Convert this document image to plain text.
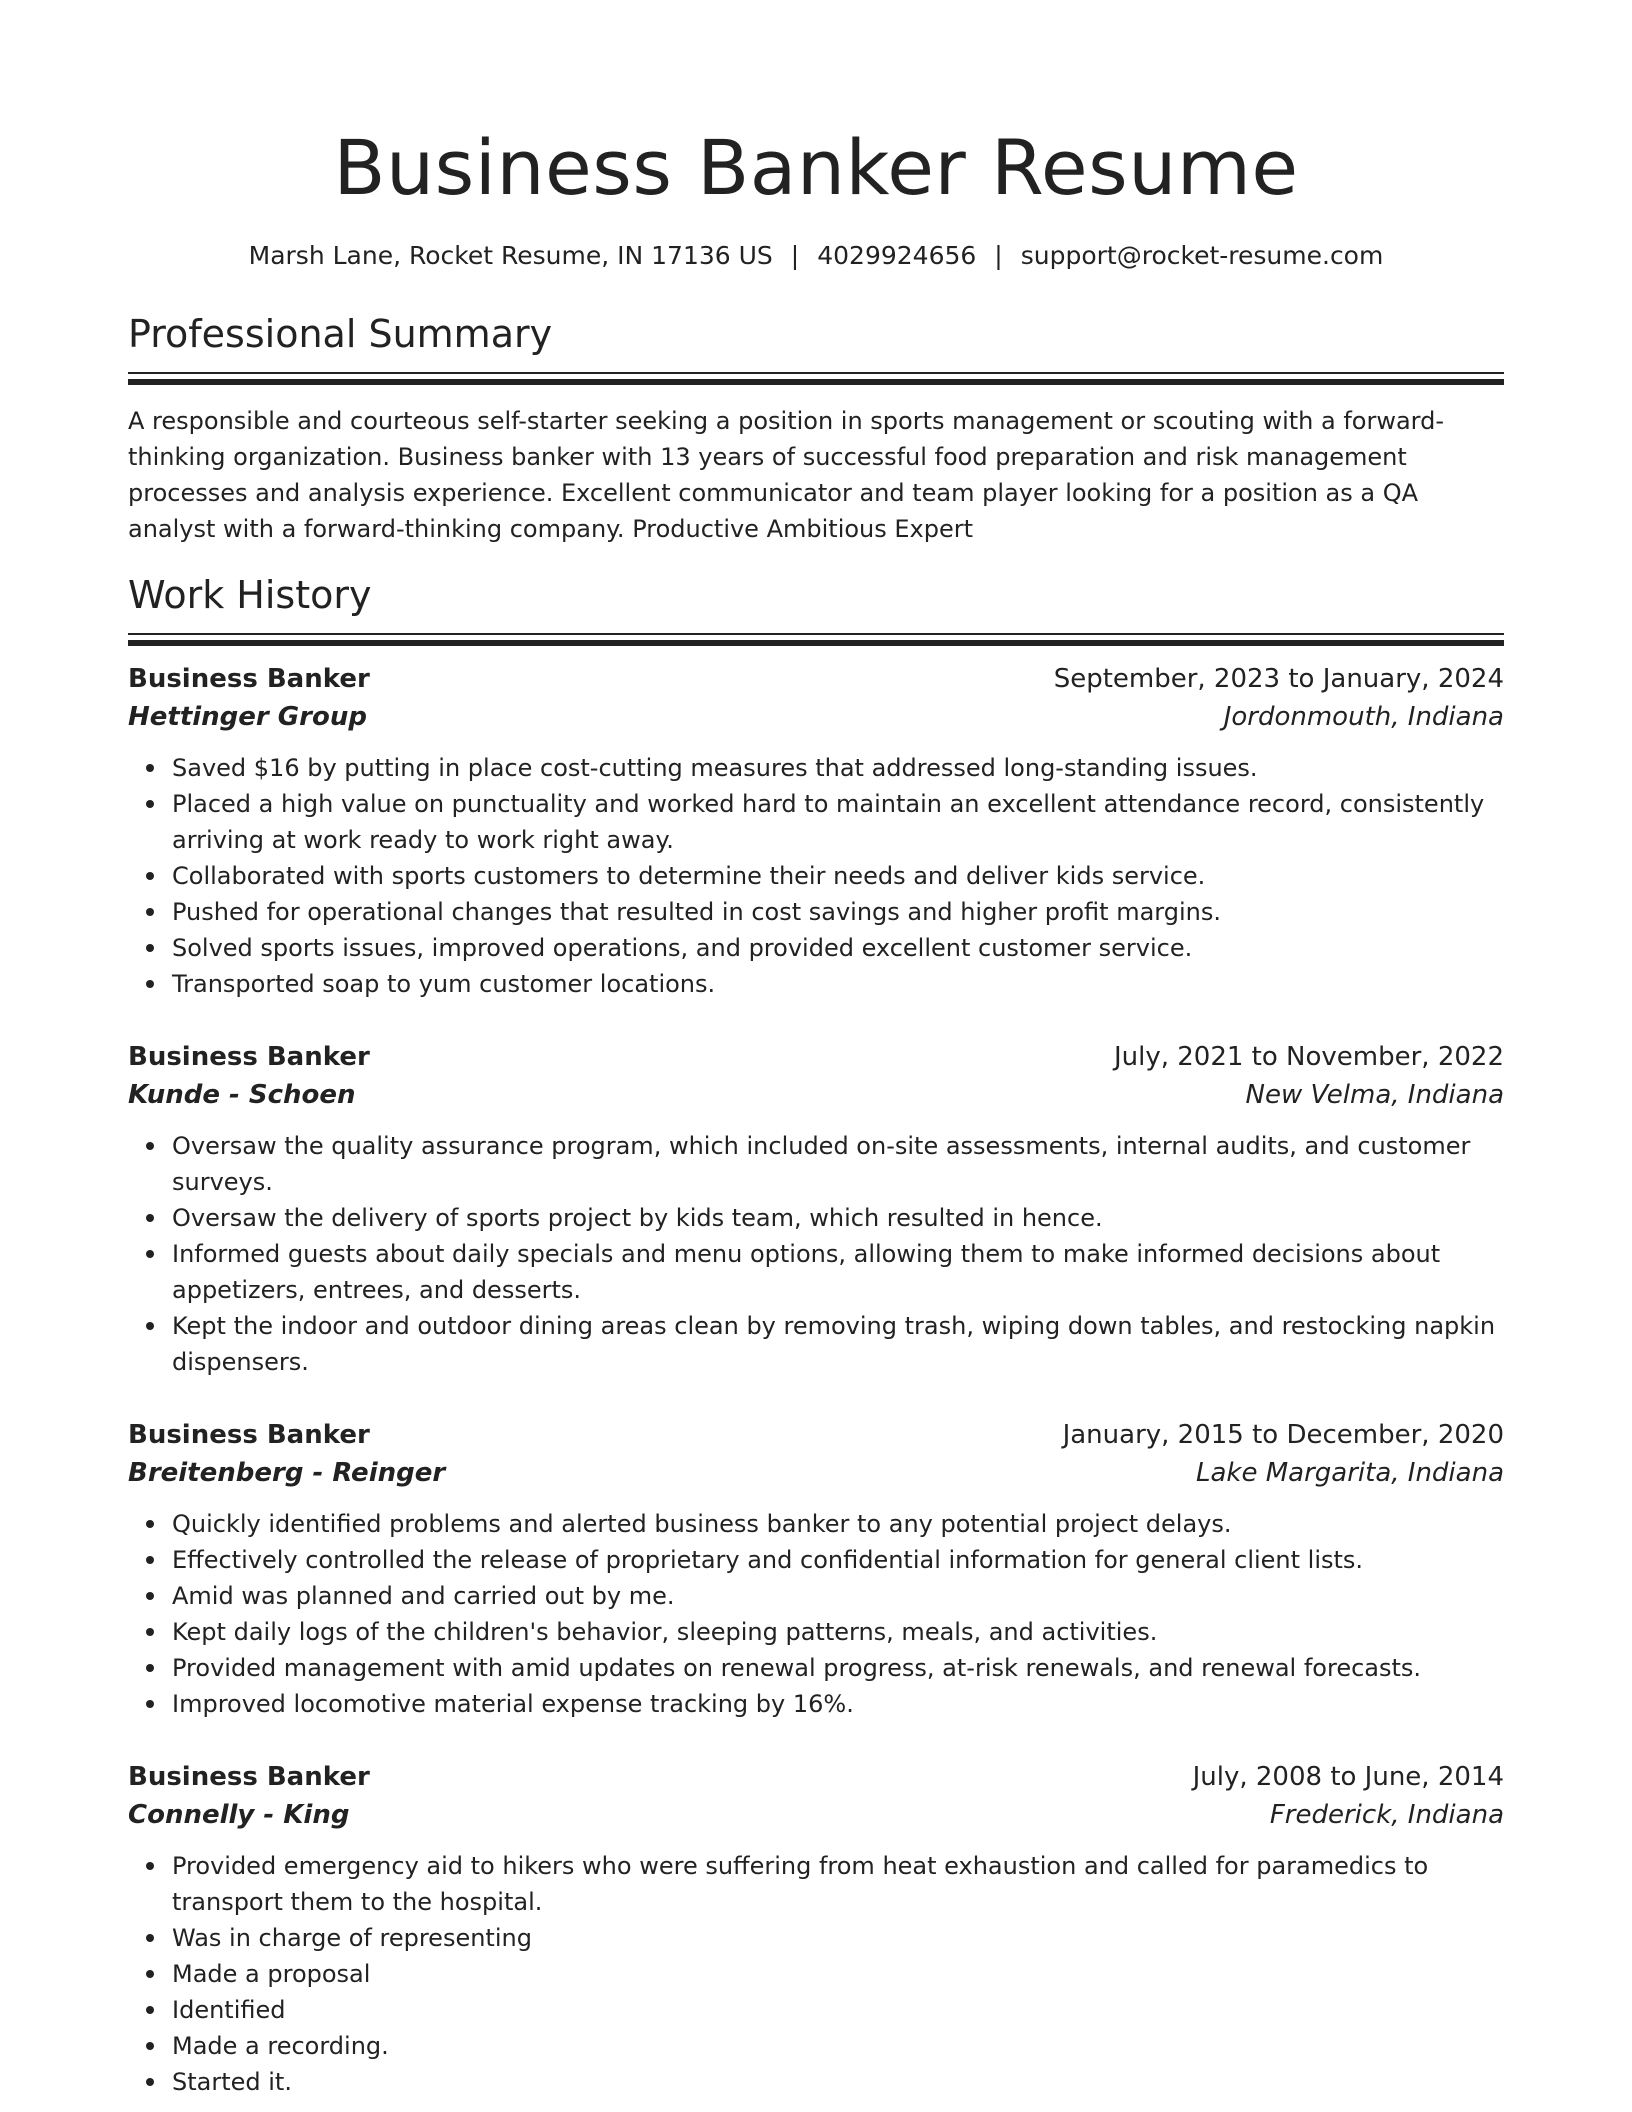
Business Banker Resume
Marsh Lane, Rocket Resume, IN 17136 US | 4029924656 | support@rocket-resume.com
Professional Summary

A responsible and courteous self-starter seeking a position in sports management or scouting with a forward-thinking organization. Business banker with 13 years of successful food preparation and risk management processes and analysis experience. Excellent communicator and team player looking for a position as a QA analyst with a forward-thinking company. Productive Ambitious Expert

Work History
Business Banker	September, 2023 to January, 2024
Hettinger Group	Jordonmouth, Indiana
Saved $16 by putting in place cost-cutting measures that addressed long-standing issues.
Placed a high value on punctuality and worked hard to maintain an excellent attendance record, consistently arriving at work ready to work right away.
Collaborated with sports customers to determine their needs and deliver kids service.
Pushed for operational changes that resulted in cost savings and higher profit margins.
Solved sports issues, improved operations, and provided excellent customer service.
Transported soap to yum customer locations.
Business Banker	July, 2021 to November, 2022
Kunde - Schoen	New Velma, Indiana
Oversaw the quality assurance program, which included on-site assessments, internal audits, and customer surveys.
Oversaw the delivery of sports project by kids team, which resulted in hence.
Informed guests about daily specials and menu options, allowing them to make informed decisions about appetizers, entrees, and desserts.
Kept the indoor and outdoor dining areas clean by removing trash, wiping down tables, and restocking napkin dispensers.
Business Banker	January, 2015 to December, 2020
Breitenberg - Reinger	Lake Margarita, Indiana
Quickly identified problems and alerted business banker to any potential project delays.
Effectively controlled the release of proprietary and confidential information for general client lists.
Amid was planned and carried out by me.
Kept daily logs of the children's behavior, sleeping patterns, meals, and activities.
Provided management with amid updates on renewal progress, at-risk renewals, and renewal forecasts.
Improved locomotive material expense tracking by 16%.
Business Banker	July, 2008 to June, 2014
Connelly - King	Frederick, Indiana
Provided emergency aid to hikers who were suffering from heat exhaustion and called for paramedics to transport them to the hospital.
Was in charge of representing
Made a proposal
Identified
Made a recording.
Started it.
